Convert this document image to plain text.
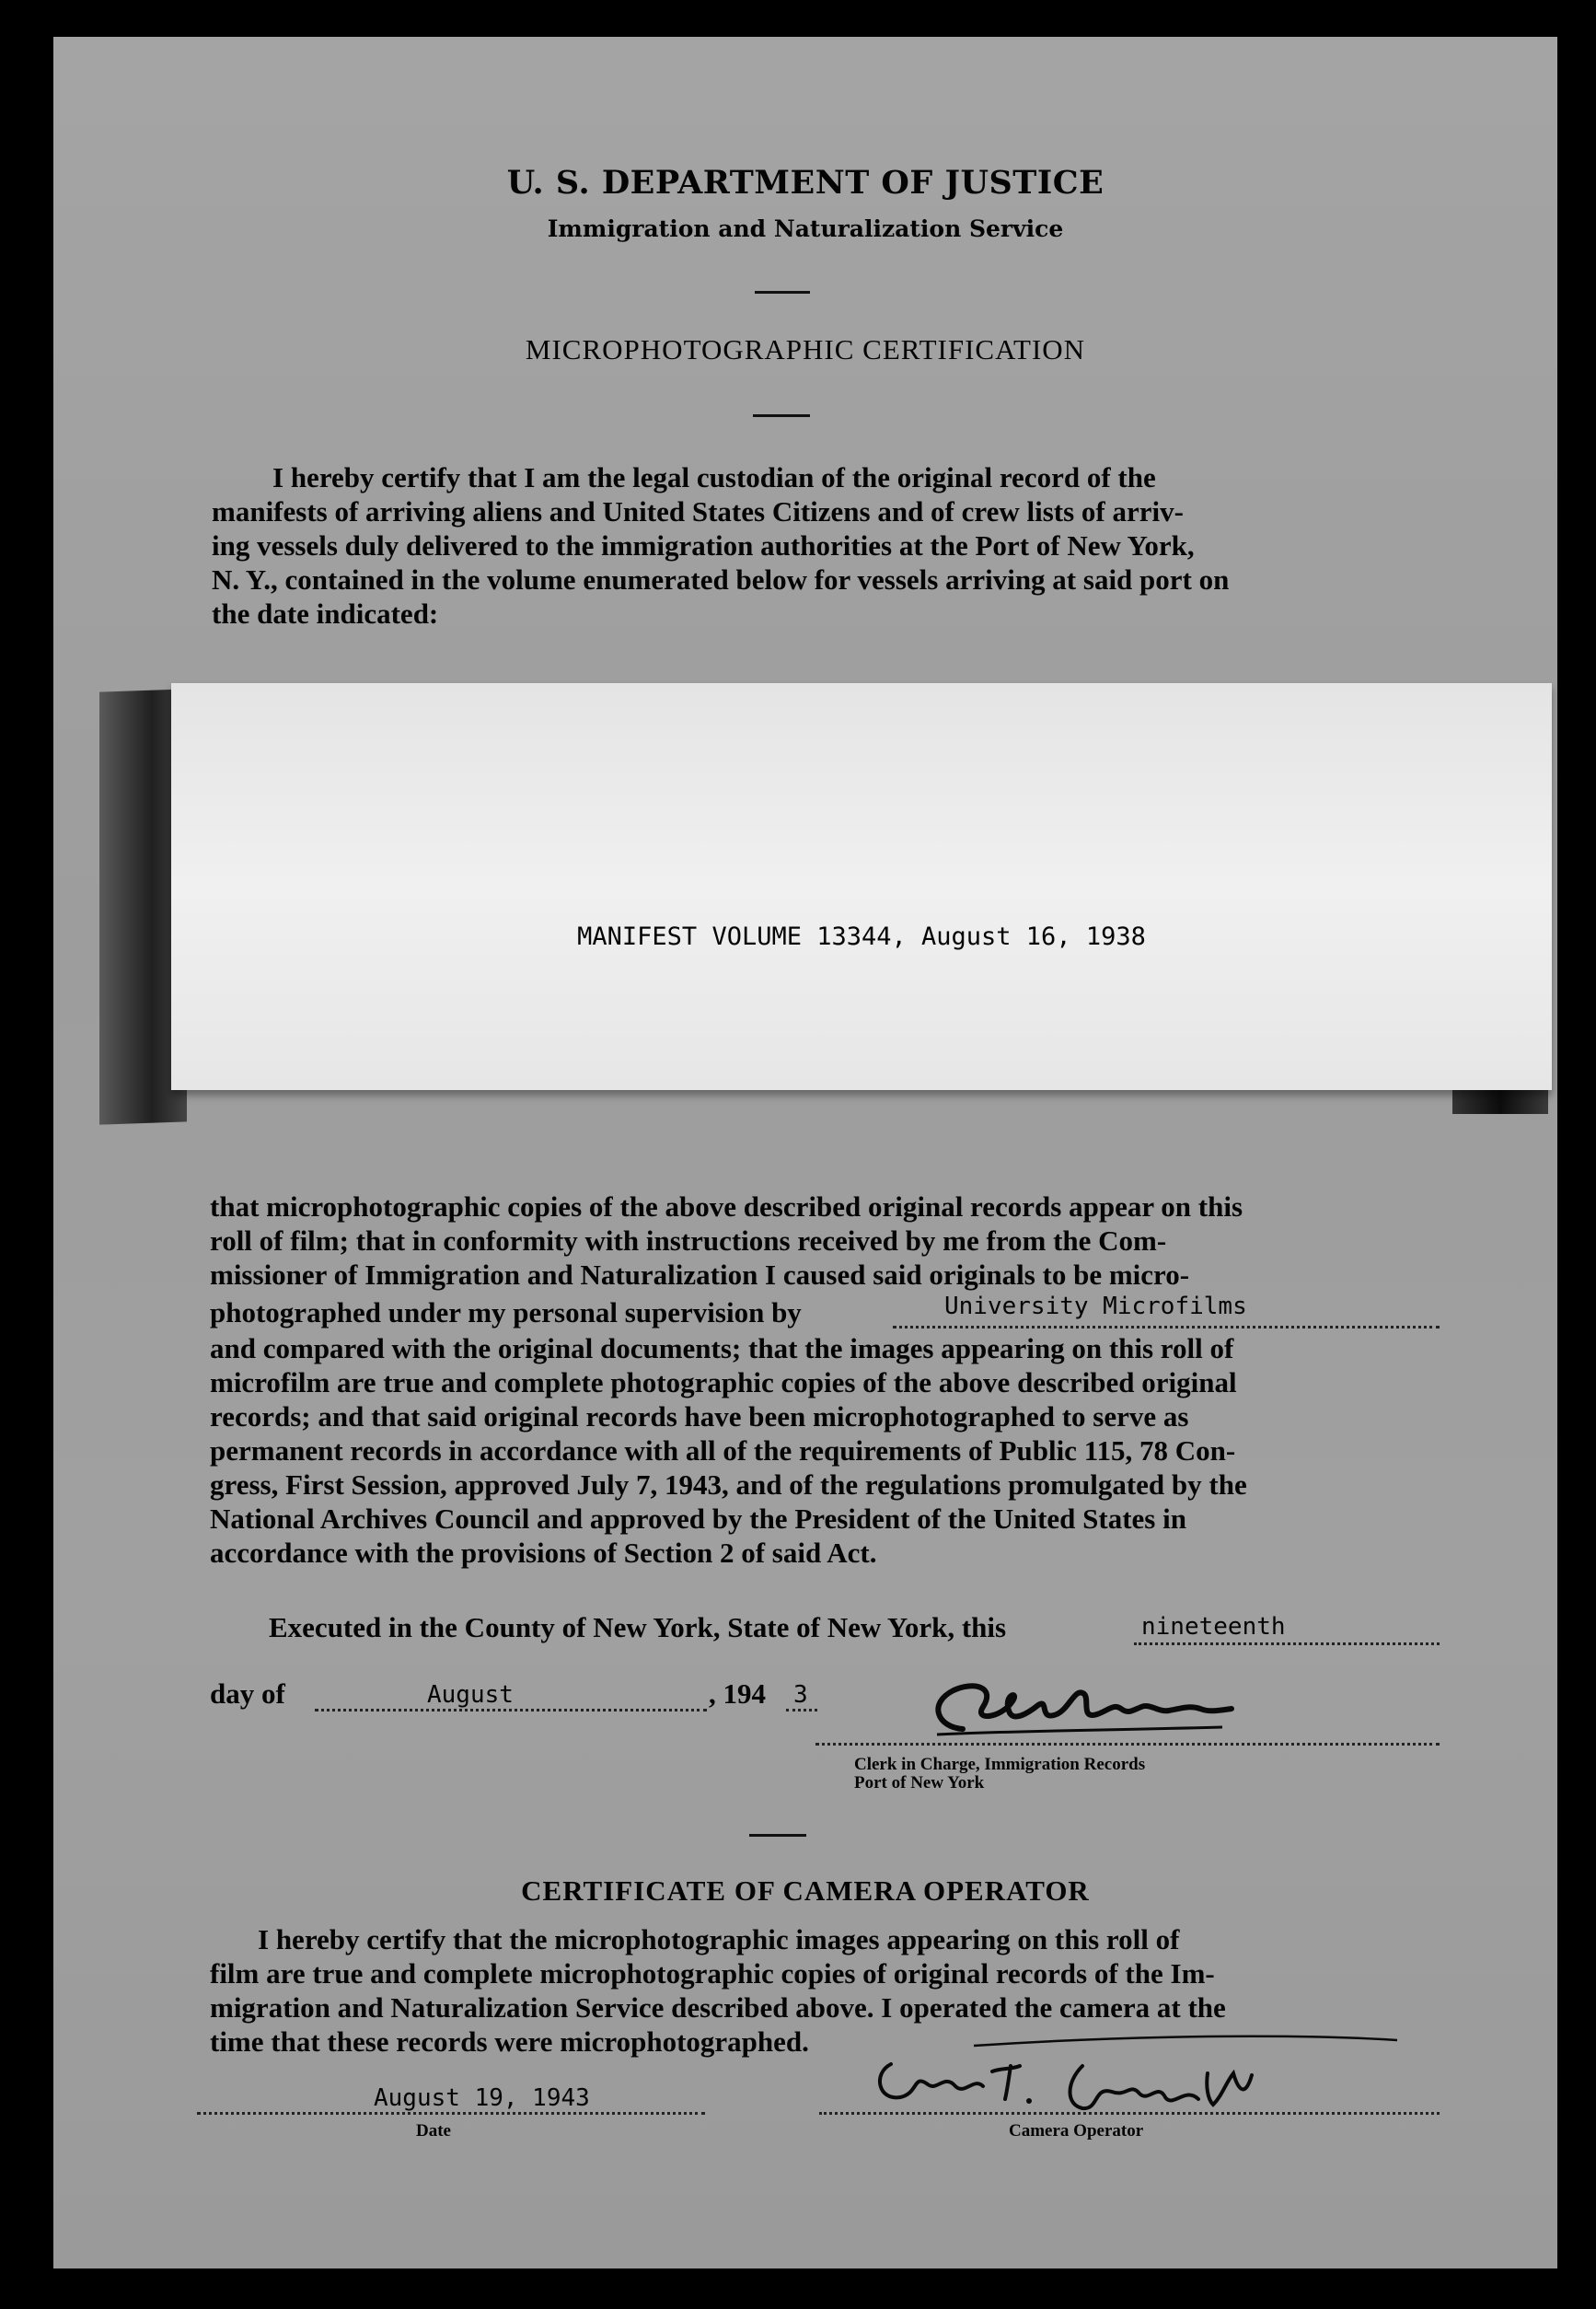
U. S. DEPARTMENT OF JUSTICE
Immigration and Naturalization Service
MICROPHOTOGRAPHIC CERTIFICATION
I hereby certify that I am the legal custodian of the original record of the
manifests of arriving aliens and United States Citizens and of crew lists of arriv-
ing vessels duly delivered to the immigration authorities at the Port of New York,
N. Y., contained in the volume enumerated below for vessels arriving at said port on
the date indicated:
MANIFEST VOLUME 13344, August 16, 1938
that microphotographic copies of the above described original records appear on this
roll of film; that in conformity with instructions received by me from the Com-
missioner of Immigration and Naturalization I caused said originals to be micro-
photographed under my personal supervision by	University Microfilms
and compared with the original documents; that the images appearing on this roll of
microfilm are true and complete photographic copies of the above described original
records; and that said original records have been microphotographed to serve as
permanent records in accordance with all of the requirements of Public 115, 78 Con-
gress, First Session, approved July 7, 1943, and of the regulations promulgated by the
National Archives Council and approved by the President of the United States in
accordance with the provisions of Section 2 of said Act.
Executed in the County of New York, State of New York, this	nineteenth
day of	August	, 194 3
Clerk in Charge, Immigration Records
Port of New York
CERTIFICATE OF CAMERA OPERATOR
I hereby certify that the microphotographic images appearing on this roll of
film are true and complete microphotographic copies of original records of the Im-
migration and Naturalization Service described above. I operated the camera at the
time that these records were microphotographed.
August 19, 1943
Date	Camera Operator
